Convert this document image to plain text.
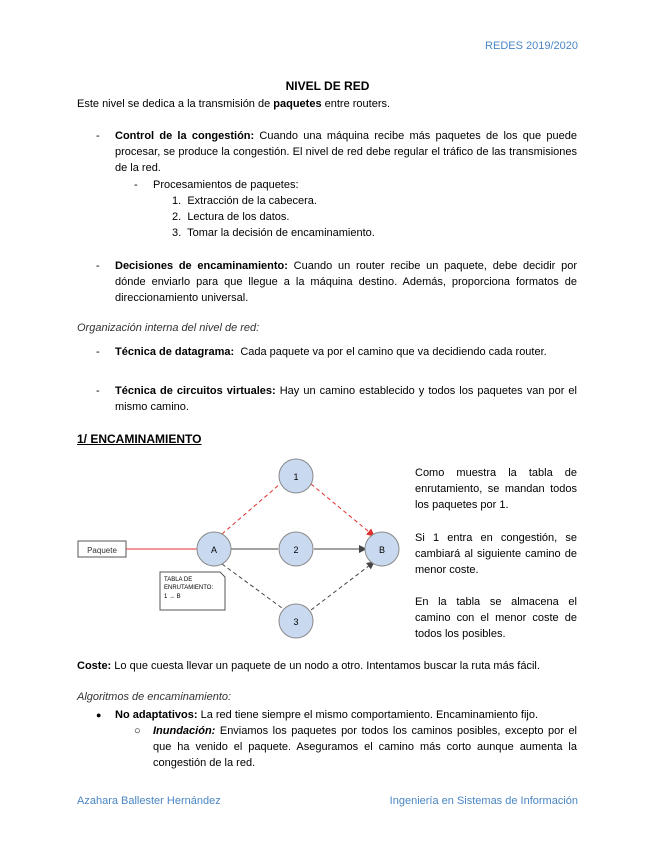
REDES 2019/2020
NIVEL DE RED
Este nivel se dedica a la transmisión de paquetes entre routers.
- Control de la congestión: Cuando una máquina recibe más paquetes de los que puede procesar, se produce la congestión. El nivel de red debe regular el tráfico de las transmisiones de la red.
- Procesamientos de paquetes:
1. Extracción de la cabecera.
2. Lectura de los datos.
3. Tomar la decisión de encaminamiento.
- Decisiones de encaminamiento: Cuando un router recibe un paquete, debe decidir por dónde enviarlo para que llegue a la máquina destino. Además, proporciona formatos de direccionamiento universal.
Organización interna del nivel de red:
- Técnica de datagrama:  Cada paquete va por el camino que va decidiendo cada router.
- Técnica de circuitos virtuales: Hay un camino establecido y todos los paquetes van por el mismo camino.
1/ ENCAMINAMIENTO
Paquete	A
1
2
3
B
TABLA DE
ENRUTAMIENTO:
1 → B
Como muestra la tabla de enrutamiento, se mandan todos los paquetes por 1.
Si 1 entra en congestión, se cambiará al siguiente camino de menor coste.
En la tabla se almacena el camino con el menor coste de todos los posibles.
Coste: Lo que cuesta llevar un paquete de un nodo a otro. Intentamos buscar la ruta más fácil.
Algoritmos de encaminamiento:
● No adaptativos: La red tiene siempre el mismo comportamiento. Encaminamiento fijo.
○ Inundación: Enviamos los paquetes por todos los caminos posibles, excepto por el que ha venido el paquete. Aseguramos el camino más corto aunque aumenta la congestión de la red.
Azahara Ballester Hernández	Ingeniería en Sistemas de Información
